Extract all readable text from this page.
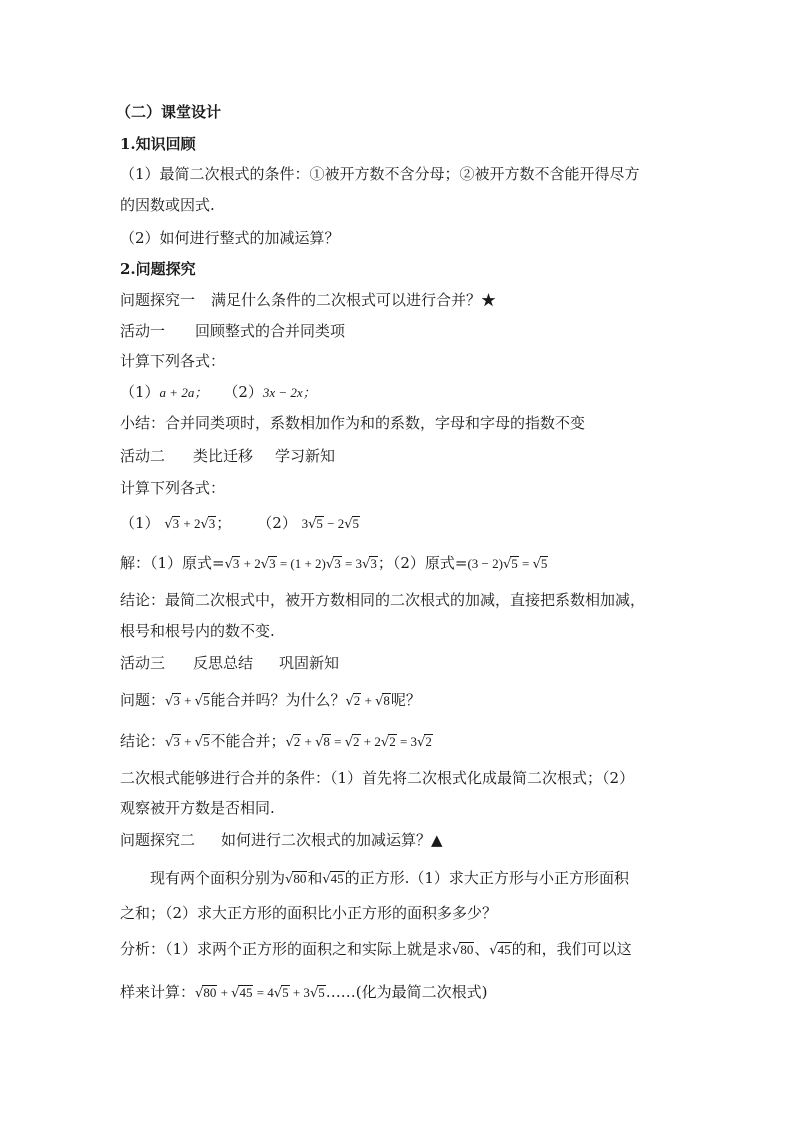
（二）课堂设计
1.知识回顾
（1）最简二次根式的条件：①被开方数不含分母；②被开方数不含能开得尽方
的因数或因式.
（2）如何进行整式的加减运算？
2.问题探究
问题探究一 满足什么条件的二次根式可以进行合并？★
活动一 回顾整式的合并同类项
计算下列各式：
（1）a + 2a； （2）3x − 2x；
小结：合并同类项时，系数相加作为和的系数，字母和字母的指数不变
活动二 类比迁移 学习新知
计算下列各式：
（1） √3 + 2√3； （2） 3√5 − 2√5
解：（1）原式=√3 + 2√3 = (1 + 2)√3 = 3√3；（2）原式=(3 − 2)√5 = √5
结论：最简二次根式中，被开方数相同的二次根式的加减，直接把系数相加减，
根号和根号内的数不变.
活动三 反思总结 巩固新知
问题：√3 + √5能合并吗？为什么？√2 + √8呢？
结论：√3 + √5不能合并；√2 + √8 = √2 + 2√2 = 3√2
二次根式能够进行合并的条件：（1）首先将二次根式化成最简二次根式；（2）
观察被开方数是否相同.
问题探究二 如何进行二次根式的加减运算？▲
现有两个面积分别为√80和√45的正方形.（1）求大正方形与小正方形面积
之和；（2）求大正方形的面积比小正方形的面积多多少？
分析：（1）求两个正方形的面积之和实际上就是求√80、√45的和，我们可以这
样来计算：√80 + √45 = 4√5 + 3√5……(化为最简二次根式)
